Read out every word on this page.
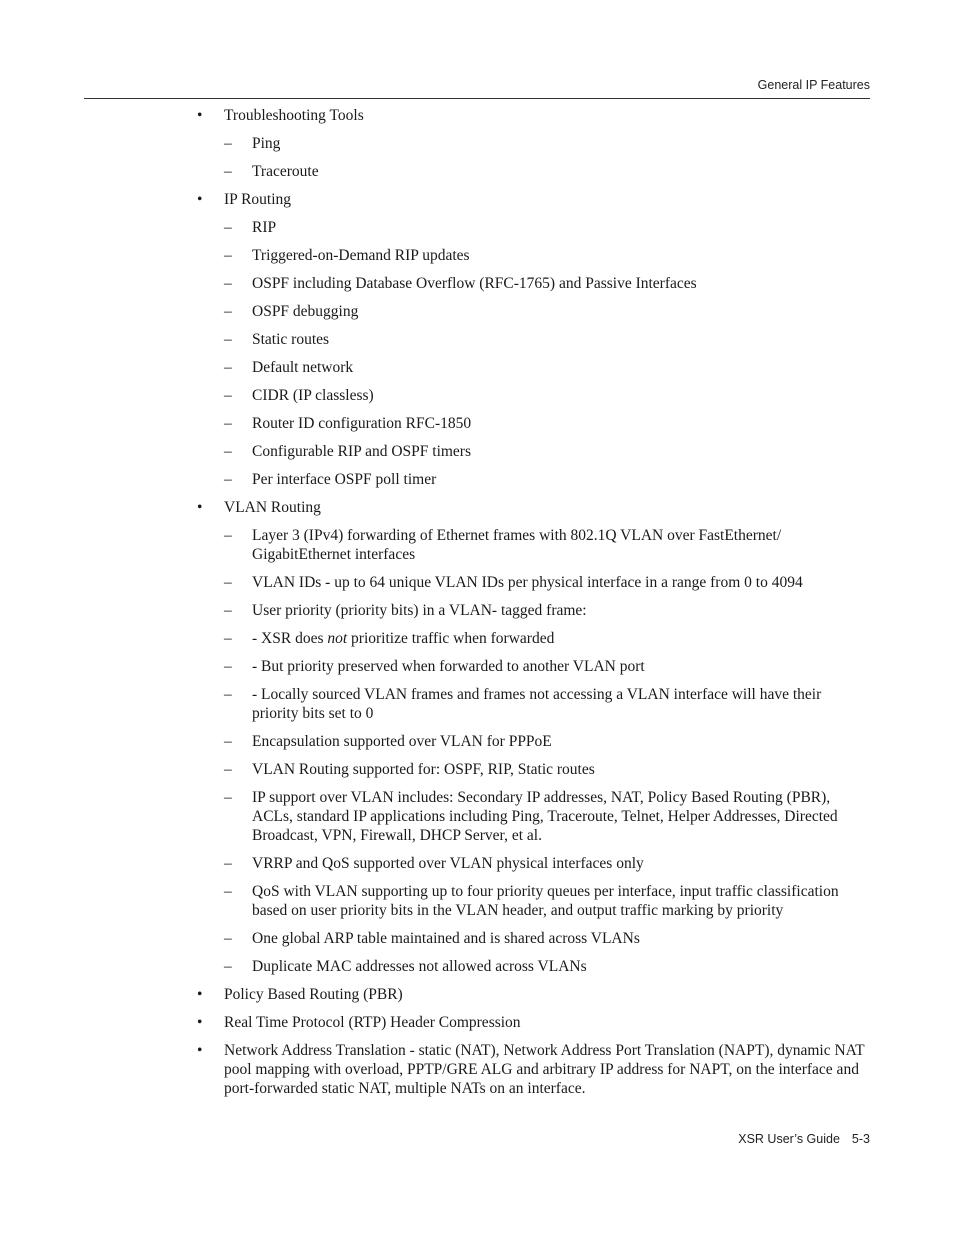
General IP Features
• Troubleshooting Tools
– Ping
– Traceroute
• IP Routing
– RIP
– Triggered-on-Demand RIP updates
– OSPF including Database Overflow (RFC-1765) and Passive Interfaces
– OSPF debugging
– Static routes
– Default network
– CIDR (IP classless)
– Router ID configuration RFC-1850
– Configurable RIP and OSPF timers
– Per interface OSPF poll timer
• VLAN Routing
– Layer 3 (IPv4) forwarding of Ethernet frames with 802.1Q VLAN over FastEthernet/ GigabitEthernet interfaces
– VLAN IDs - up to 64 unique VLAN IDs per physical interface in a range from 0 to 4094
– User priority (priority bits) in a VLAN- tagged frame:
– - XSR does not prioritize traffic when forwarded
– - But priority preserved when forwarded to another VLAN port
– - Locally sourced VLAN frames and frames not accessing a VLAN interface will have their priority bits set to 0
– Encapsulation supported over VLAN for PPPoE
– VLAN Routing supported for: OSPF, RIP, Static routes
– IP support over VLAN includes: Secondary IP addresses, NAT, Policy Based Routing (PBR), ACLs, standard IP applications including Ping, Traceroute, Telnet, Helper Addresses, Directed Broadcast, VPN, Firewall, DHCP Server, et al.
– VRRP and QoS supported over VLAN physical interfaces only
– QoS with VLAN supporting up to four priority queues per interface, input traffic classification based on user priority bits in the VLAN header, and output traffic marking by priority
– One global ARP table maintained and is shared across VLANs
– Duplicate MAC addresses not allowed across VLANs
• Policy Based Routing (PBR)
• Real Time Protocol (RTP) Header Compression
• Network Address Translation - static (NAT), Network Address Port Translation (NAPT), dynamic NAT pool mapping with overload, PPTP/GRE ALG and arbitrary IP address for NAPT, on the interface and port-forwarded static NAT, multiple NATs on an interface.
XSR User’s Guide 5-3
